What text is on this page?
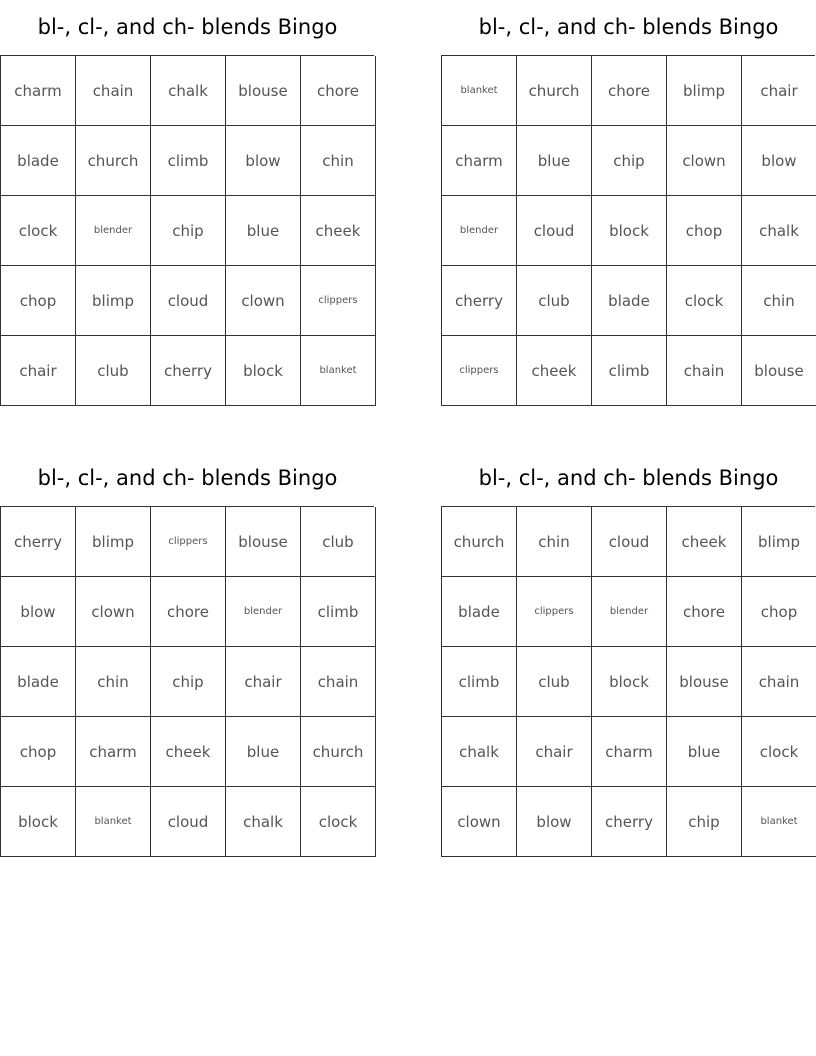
bl-, cl-, and ch- blends Bingo
charm	chain	chalk	blouse	chore
blade	church	climb	blow	chin
clock	blender	chip	blue	cheek
chop	blimp	cloud	clown	clippers
chair	club	cherry	block	blanket
bl-, cl-, and ch- blends Bingo
blanket	church	chore	blimp	chair
charm	blue	chip	clown	blow
blender	cloud	block	chop	chalk
cherry	club	blade	clock	chin
clippers	cheek	climb	chain	blouse
bl-, cl-, and ch- blends Bingo
cherry	blimp	clippers	blouse	club
blow	clown	chore	blender	climb
blade	chin	chip	chair	chain
chop	charm	cheek	blue	church
block	blanket	cloud	chalk	clock
bl-, cl-, and ch- blends Bingo
church	chin	cloud	cheek	blimp
blade	clippers	blender	chore	chop
climb	club	block	blouse	chain
chalk	chair	charm	blue	clock
clown	blow	cherry	chip	blanket
